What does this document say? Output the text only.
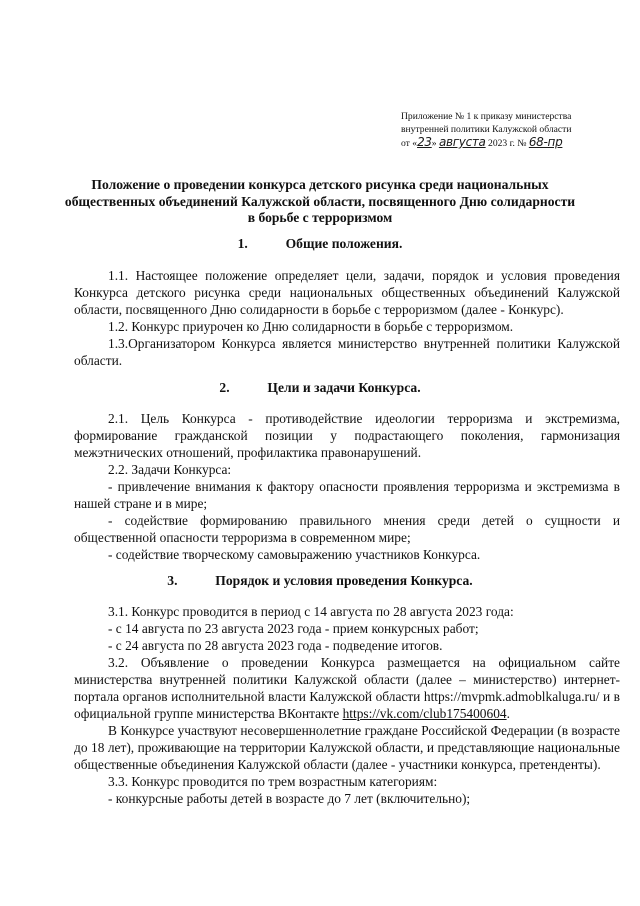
Приложение № 1 к приказу министерства
внутренней политики Калужской области
от «23» августа 2023 г. № 68-пр
Положение о проведении конкурса детского рисунка среди национальных общественных объединений Калужской области, посвященного Дню солидарности в борьбе с терроризмом
1.	Общие положения.

1.1. Настоящее положение определяет цели, задачи, порядок и условия проведения Конкурса детского рисунка среди национальных общественных объединений Калужской области, посвященного Дню солидарности в борьбе с терроризмом (далее - Конкурс).

1.2. Конкурс приурочен ко Дню солидарности в борьбе с терроризмом.

1.3.Организатором Конкурса является министерство внутренней политики Калужской области.

2.	Цели и задачи Конкурса.

2.1. Цель Конкурса - противодействие идеологии терроризма и экстремизма, формирование гражданской позиции у подрастающего поколения, гармонизация межэтнических отношений, профилактика правонарушений.

2.2. Задачи Конкурса:

- привлечение внимания к фактору опасности проявления терроризма и экстремизма в нашей стране и в мире;

- содействие формированию правильного мнения среди детей о сущности и общественной опасности терроризма в современном мире;

- содействие творческому самовыражению участников Конкурса.

3.	Порядок и условия проведения Конкурса.

3.1. Конкурс проводится в период с 14 августа по 28 августа 2023 года:

- с 14 августа по 23 августа 2023 года - прием конкурсных работ;

- с 24 августа по 28 августа 2023 года - подведение итогов.

3.2. Объявление о проведении Конкурса размещается на официальном сайте министерства внутренней политики Калужской области (далее – министерство) интернет-портала органов исполнительной власти Калужской области https://mvpmk.admoblkaluga.ru/ и в официальной группе министерства ВКонтакте https://vk.com/club175400604.

В Конкурсе участвуют несовершеннолетние граждане Российской Федерации (в возрасте до 18 лет), проживающие на территории Калужской области, и представляющие национальные общественные объединения Калужской области (далее - участники конкурса, претенденты).

3.3. Конкурс проводится по трем возрастным категориям:

- конкурсные работы детей в возрасте до 7 лет (включительно);
